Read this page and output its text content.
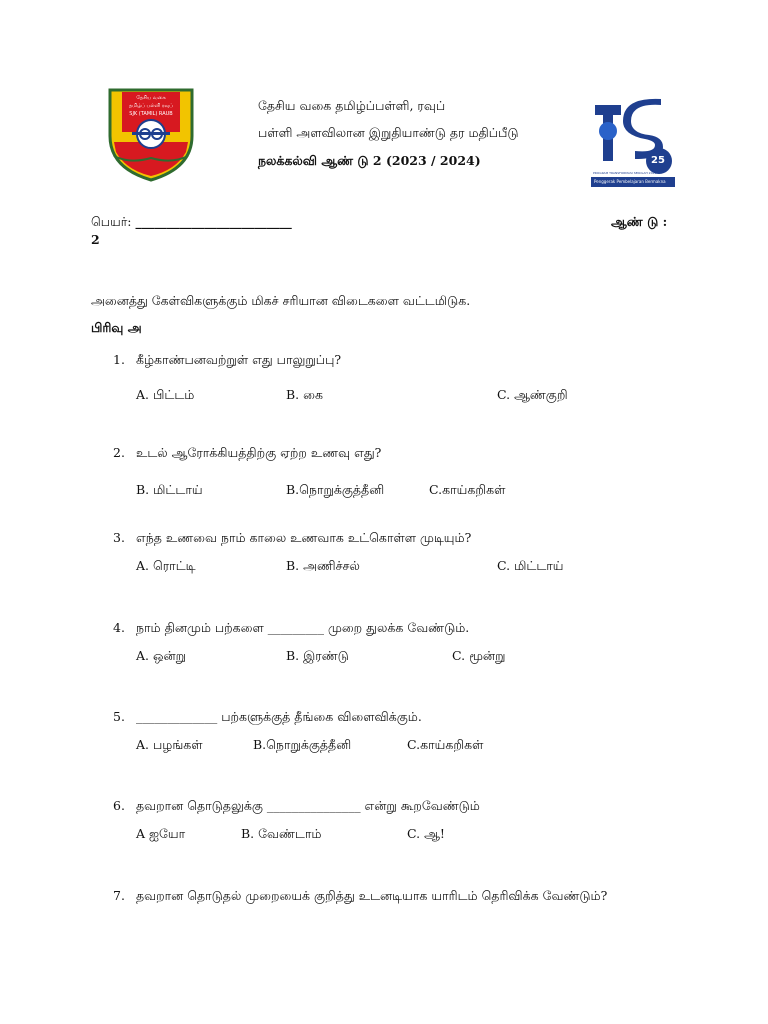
தேசிய வகை
தமிழ்ப் பள்ளி ரவுப்
SJK (TAMIL) RAUB
தேசிய வகை தமிழ்ப்பள்ளி, ரவுப்
பள்ளி அளவிலான இறுதியாண்டு தர மதிப்பீடு
நலக்கல்வி ஆண் டு 2 (2023 / 2024)	25
PROGRAM TRANSFORMASI SEKOLAH 2025
Penggerak Pembelajaran Bermakna
பெயர்: _________________________	ஆண் டு :
2
அனைத்து கேள்விகளுக்கும் மிகச் சரியான விடைகளை வட்டமிடுக.
பிரிவு அ
1. கீழ்காண்பனவற்றுள் எது பாலுறுப்பு?
A. பிட்டம்	B. கை	C. ஆண்குறி
2. உடல் ஆரோக்கியத்திற்கு ஏற்ற உணவு எது?
B. மிட்டாய்	B.நொறுக்குத்தீனி	C.காய்கறிகள்
3. எந்த உணவை நாம் காலை உணவாக உட்கொள்ள முடியும்?
A. ரொட்டி	B. அணிச்சல்	C. மிட்டாய்
4. நாம் தினமும் பற்களை _________ முறை துலக்க வேண்டும்.
A. ஒன்று	B. இரண்டு	C. மூன்று
5. _____________ பற்களுக்குத் தீங்கை விளைவிக்கும்.
A. பழங்கள்	B.நொறுக்குத்தீனி	C.காய்கறிகள்
6. தவறான தொடுதலுக்கு _______________ என்று கூறவேண்டும்
A ஐயோ	B. வேண்டாம்	C. ஆ!
7. தவறான தொடுதல் முறையைக் குறித்து உடனடியாக யாரிடம் தெரிவிக்க வேண்டும்?
